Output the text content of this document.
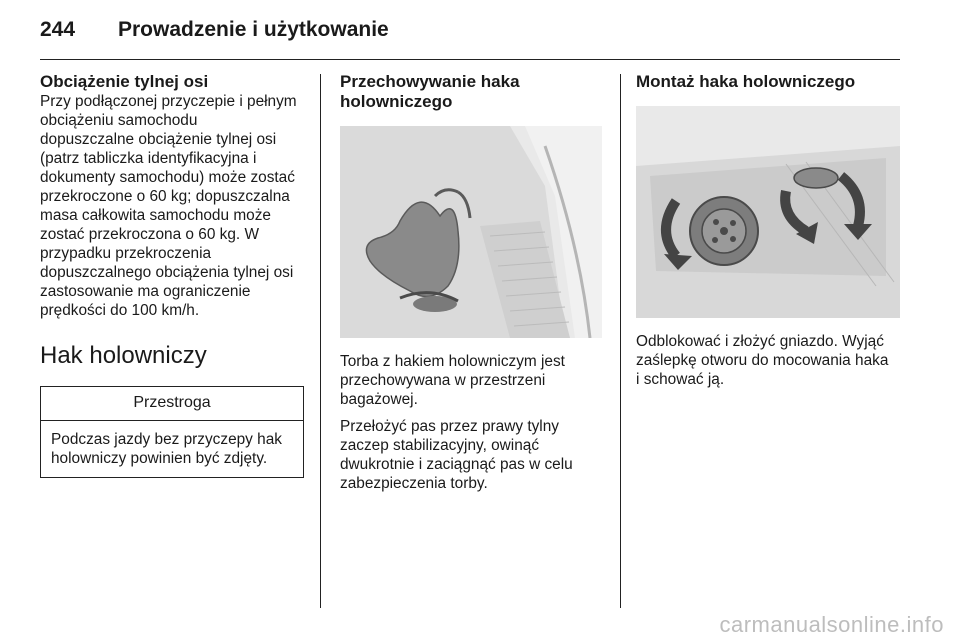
244 Prowadzenie i użytkowanie
Obciążenie tylnej osi

Przy podłączonej przyczepie i pełnym
obciążeniu samochodu
dopuszczalne obciążenie tylnej osi
(patrz tabliczka identyfikacyjna i
dokumenty samochodu) może zostać
przekroczone o 60 kg; dopuszczalna
masa całkowita samochodu może
zostać przekroczona o 60 kg. W
przypadku przekroczenia
dopuszczalnego obciążenia tylnej osi
zastosowanie ma ograniczenie
prędkości do 100 km/h.

Hak holowniczy
Przestroga
Podczas jazdy bez przyczepy hak
holowniczy powinien być zdjęty.
Przechowywanie haka
holowniczego

Torba z hakiem holowniczym jest
przechowywana w przestrzeni
bagażowej.

Przełożyć pas przez prawy tylny
zaczep stabilizacyjny, owinąć
dwukrotnie i zaciągnąć pas w celu
zabezpieczenia torby.

Montaż haka holowniczego

Odblokować i złożyć gniazdo. Wyjąć
zaślepkę otworu do mocowania haka
i schować ją.

carmanualsonline.info
